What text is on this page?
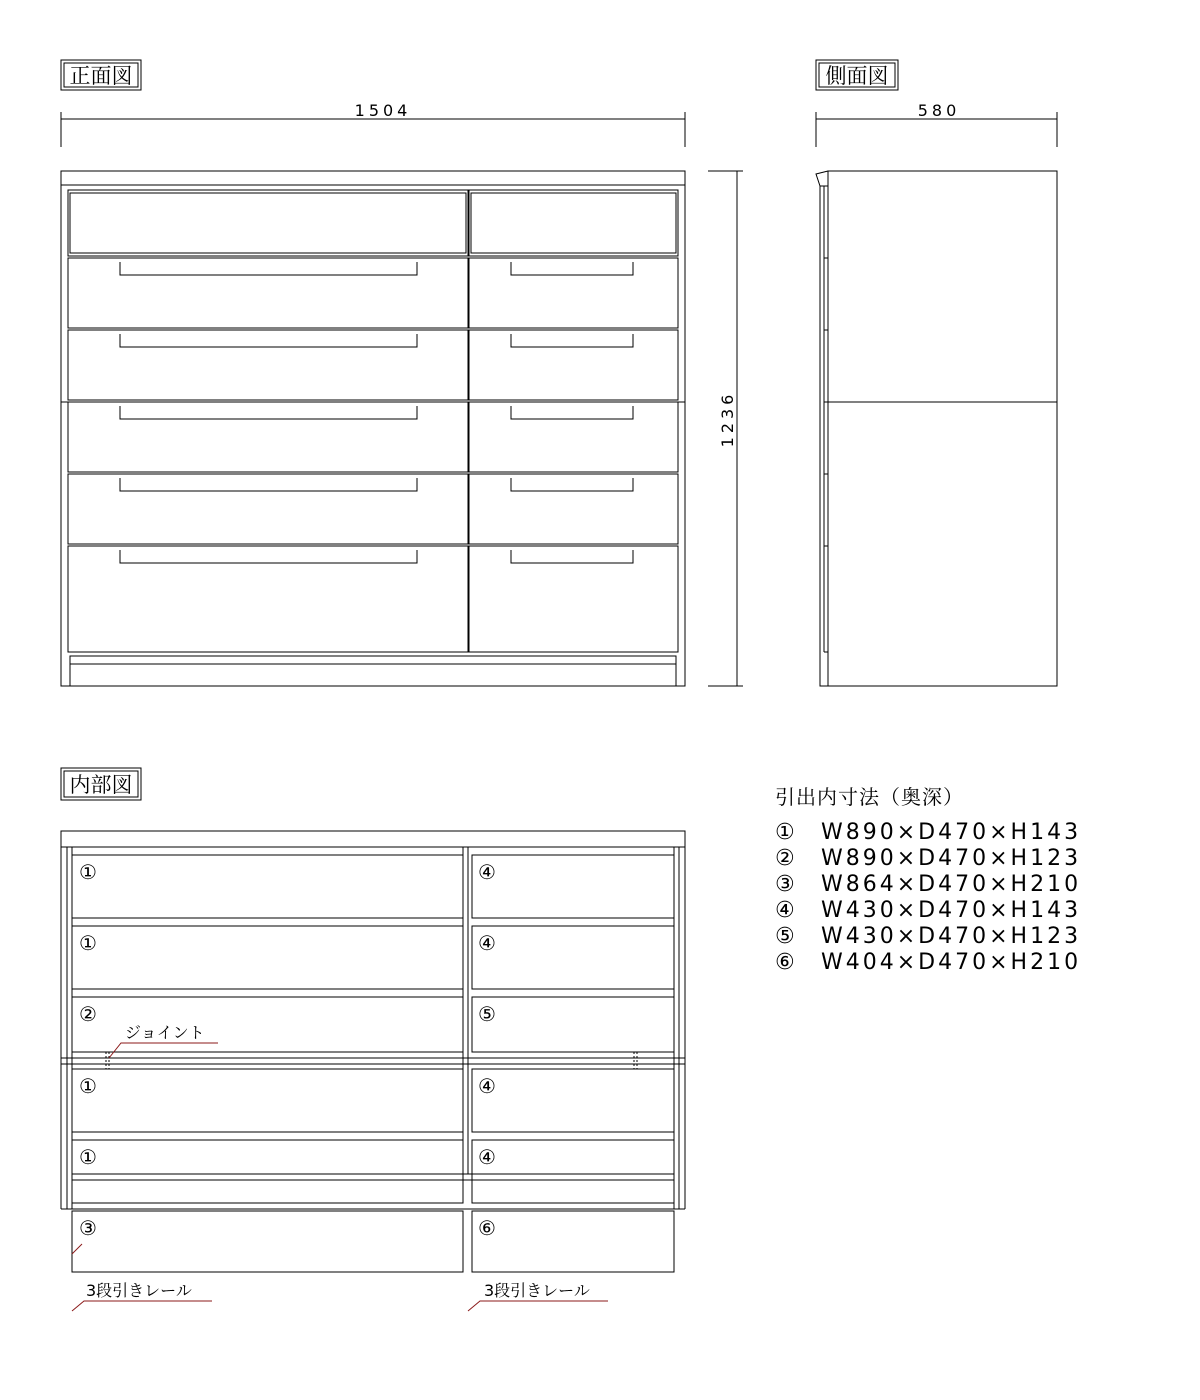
正面図	側面図
内部図
1504	580
1236
①
①
②
①
①
③
④
④
⑤
④
④
⑥
ジョイント
3段引きレール	3段引きレール
引出内寸法（奥深）
① W890×D470×H143
② W890×D470×H123
③ W864×D470×H210
④ W430×D470×H143
⑤ W430×D470×H123
⑥ W404×D470×H210
